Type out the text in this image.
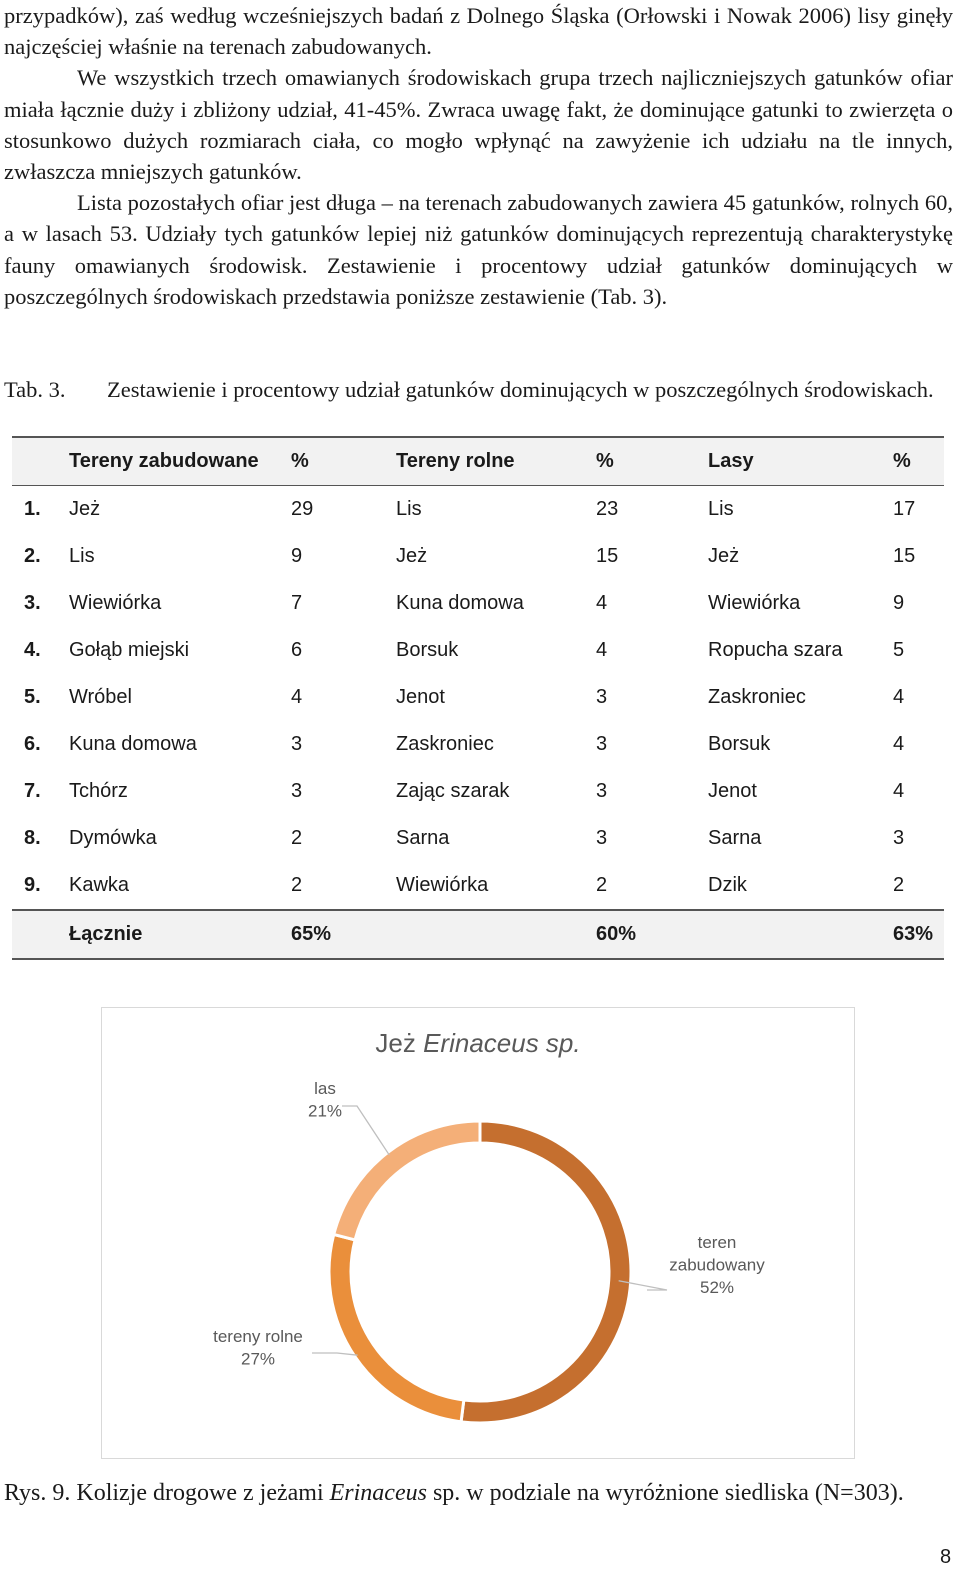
przypadków), zaś według wcześniejszych badań z Dolnego Śląska (Orłowski i Nowak 2006) lisy ginęły najczęściej właśnie na terenach zabudowanych.

We wszystkich trzech omawianych środowiskach grupa trzech najliczniejszych gatunków ofiar miała łącznie duży i zbliżony udział, 41-45%. Zwraca uwagę fakt, że dominujące gatunki to zwierzęta o stosunkowo dużych rozmiarach ciała, co mogło wpłynąć na zawyżenie ich udziału na tle innych, zwłaszcza mniejszych gatunków.

Lista pozostałych ofiar jest długa – na terenach zabudowanych zawiera 45 gatunków, rolnych 60, a w lasach 53. Udziały tych gatunków lepiej niż gatunków dominujących reprezentują charakterystykę fauny omawianych środowisk. Zestawienie i procentowy udział gatunków dominujących w poszczególnych środowiskach przedstawia poniższe zestawienie (Tab. 3).

Tab. 3.	Zestawienie i procentowy udział gatunków dominujących w poszczególnych środowiskach.
	Tereny zabudowane	%	Tereny rolne	%	Lasy	%
1.	Jeż	29	Lis	23	Lis	17
2.	Lis	9	Jeż	15	Jeż	15
3.	Wiewiórka	7	Kuna domowa	4	Wiewiórka	9
4.	Gołąb miejski	6	Borsuk	4	Ropucha szara	5
5.	Wróbel	4	Jenot	3	Zaskroniec	4
6.	Kuna domowa	3	Zaskroniec	3	Borsuk	4
7.	Tchórz	3	Zając szarak	3	Jenot	4
8.	Dymówka	2	Sarna	3	Sarna	3
9.	Kawka	2	Wiewiórka	2	Dzik	2
	Łącznie	65%		60%		63%
Jeż Erinaceus sp.
teren zabudowany 52%
tereny rolne 27%
las 21%
Rys. 9. Kolizje drogowe z jeżami Erinaceus sp. w podziale na wyróżnione siedliska (N=303).
8
